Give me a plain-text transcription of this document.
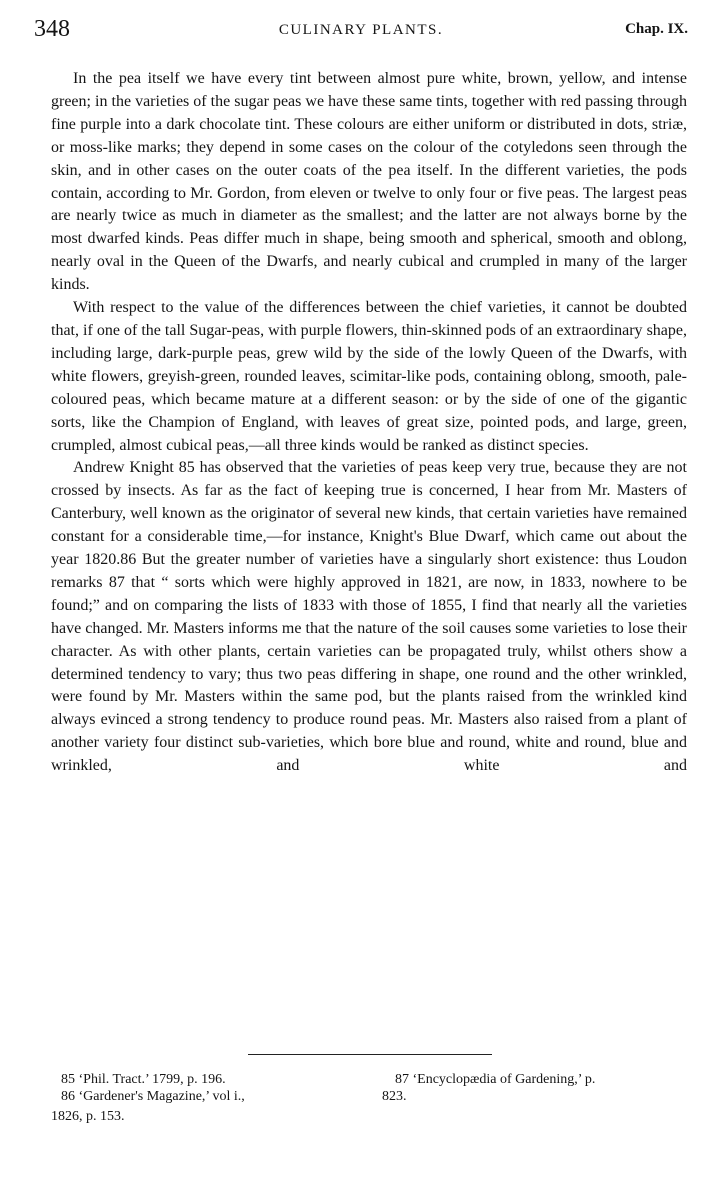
348	CULINARY PLANTS.	Chap. IX.

In the pea itself we have every tint between almost pure white, brown, yellow, and intense green; in the varieties of the sugar peas we have these same tints, together with red passing through fine purple into a dark chocolate tint. These colours are either uniform or distributed in dots, striæ, or moss-like marks; they depend in some cases on the colour of the cotyledons seen through the skin, and in other cases on the outer coats of the pea itself. In the different varieties, the pods contain, according to Mr. Gordon, from eleven or twelve to only four or five peas. The largest peas are nearly twice as much in diameter as the smallest; and the latter are not always borne by the most dwarfed kinds. Peas differ much in shape, being smooth and spherical, smooth and oblong, nearly oval in the Queen of the Dwarfs, and nearly cubical and crumpled in many of the larger kinds.

With respect to the value of the differences between the chief varieties, it cannot be doubted that, if one of the tall Sugar-peas, with purple flowers, thin-skinned pods of an extraordinary shape, including large, dark-purple peas, grew wild by the side of the lowly Queen of the Dwarfs, with white flowers, greyish-green, rounded leaves, scimitar-like pods, containing oblong, smooth, pale-coloured peas, which became mature at a different season: or by the side of one of the gigantic sorts, like the Champion of England, with leaves of great size, pointed pods, and large, green, crumpled, almost cubical peas,—all three kinds would be ranked as distinct species.

Andrew Knight 85 has observed that the varieties of peas keep very true, because they are not crossed by insects. As far as the fact of keeping true is concerned, I hear from Mr. Masters of Canterbury, well known as the originator of several new kinds, that certain varieties have remained constant for a considerable time,—for instance, Knight's Blue Dwarf, which came out about the year 1820.86 But the greater number of varieties have a singularly short existence: thus Loudon remarks 87 that “ sorts which were highly approved in 1821, are now, in 1833, nowhere to be found;” and on comparing the lists of 1833 with those of 1855, I find that nearly all the varieties have changed. Mr. Masters informs me that the nature of the soil causes some varieties to lose their character. As with other plants, certain varieties can be propagated truly, whilst others show a determined tendency to vary; thus two peas differing in shape, one round and the other wrinkled, were found by Mr. Masters within the same pod, but the plants raised from the wrinkled kind always evinced a strong tendency to produce round peas. Mr. Masters also raised from a plant of another variety four distinct sub-varieties, which bore blue and round, white and round, blue and wrinkled, and white and

85 ‘Phil. Tract.’ 1799, p. 196.	87 ‘Encyclopædia of Gardening,’ p.
86 ‘Gardener's Magazine,’ vol i.,	823.
1826, p. 153.
